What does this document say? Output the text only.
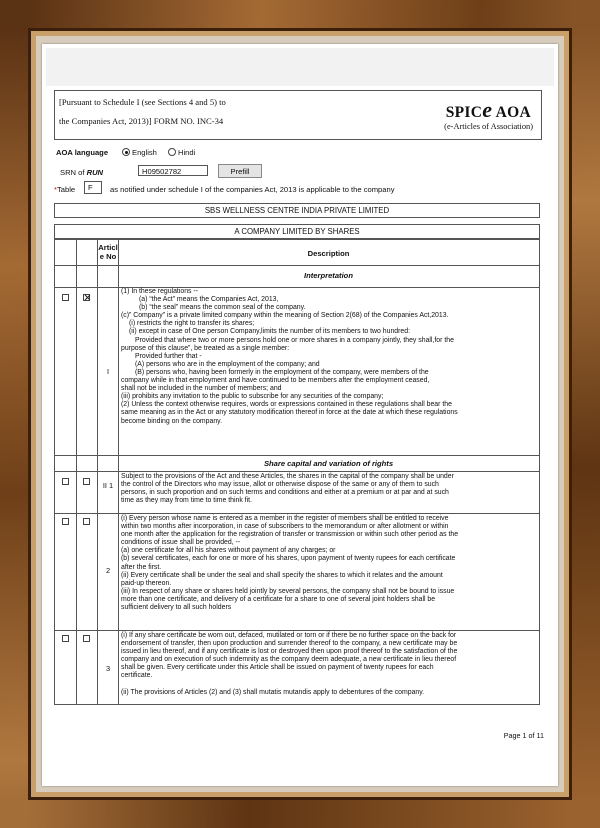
[Pursuant to Schedule I (see Sections 4 and 5) to
the Companies Act, 2013)] FORM NO. INC-34	SPICe AOA
(e-Articles of Association)
AOA language	English	Hindi
SRN of RUN	H09502782	Prefill
*Table	F	as notified under schedule I of the companies Act, 2013 is applicable to the company
SBS WELLNESS CENTRE INDIA PRIVATE LIMITED
A COMPANY LIMITED BY SHARES
Articl
e No	Description
Interpretation
Share capital and variation of rights
I

(1) In these regulations --

(a) “the Act” means the Companies Act, 2013,

(b) “the seal” means the common seal of the company.

(c)” Company” is a private limited company within the meaning of Section 2(68) of the Companies Act,2013.

(i) restricts the right to transfer its shares;

(ii) except in case of One person Company,limits the number of its members to two hundred:

Provided that where two or more persons hold one or more shares in a company jointly, they shall,for the

purpose of this clause”, be treated as a single member:

Provided further that -

(A) persons who are in the employment of the company; and

(B) persons who, having been formerly in the employment of the company, were members of the

company while in that employment and have continued to be members after the employment ceased,

shall not be included in the number of members; and

(iii) prohibits any invitation to the public to subscribe for any securities of the company;

(2) Unless the context otherwise requires, words or expressions contained in these regulations shall bear the

same meaning as in the Act or any statutory modification thereof in force at the date at which these regulations

become binding on the company.

II 1

Subject to the provisions of the Act and these Articles, the shares in the capital of the company shall be under

the control of the Directors who may issue, allot or otherwise dispose of the same or any of them to such

persons, in such proportion and on such terms and conditions and either at a premium or at par and at such

time as they may from time to time think fit.

2

(i) Every person whose name is entered as a member in the register of members shall be entitled to receive

within two months after incorporation, in case of subscribers to the memorandum or after allotment or within

one month after the application for the registration of transfer or transmission or within such other period as the

conditions of issue shall be provided, --

(a) one certificate for all his shares without payment of any charges; or

(b) several certificates, each for one or more of his shares, upon payment of twenty rupees for each certificate

after the first.

(ii) Every certificate shall be under the seal and shall specify the shares to which it relates and the amount

paid-up thereon.

(iii) In respect of any share or shares held jointly by several persons, the company shall not be bound to issue

more than one certificate, and delivery of a certificate for a share to one of several joint holders shall be

sufficient delivery to all such holders

3

(i) If any share certificate be worn out, defaced, mutilated or torn or if there be no further space on the back for

endorsement of transfer, then upon production and surrender thereof to the company, a new certificate may be

issued in lieu thereof, and if any certificate is lost or destroyed then upon proof thereof to the satisfaction of the

company and on execution of such indemnity as the company deem adequate, a new certificate in lieu thereof

shall be given. Every certificate under this Article shall be issued on payment of twenty rupees for each

certificate.

(ii) The provisions of Articles (2) and (3) shall mutatis mutandis apply to debentures of the company.

Page 1 of 11
